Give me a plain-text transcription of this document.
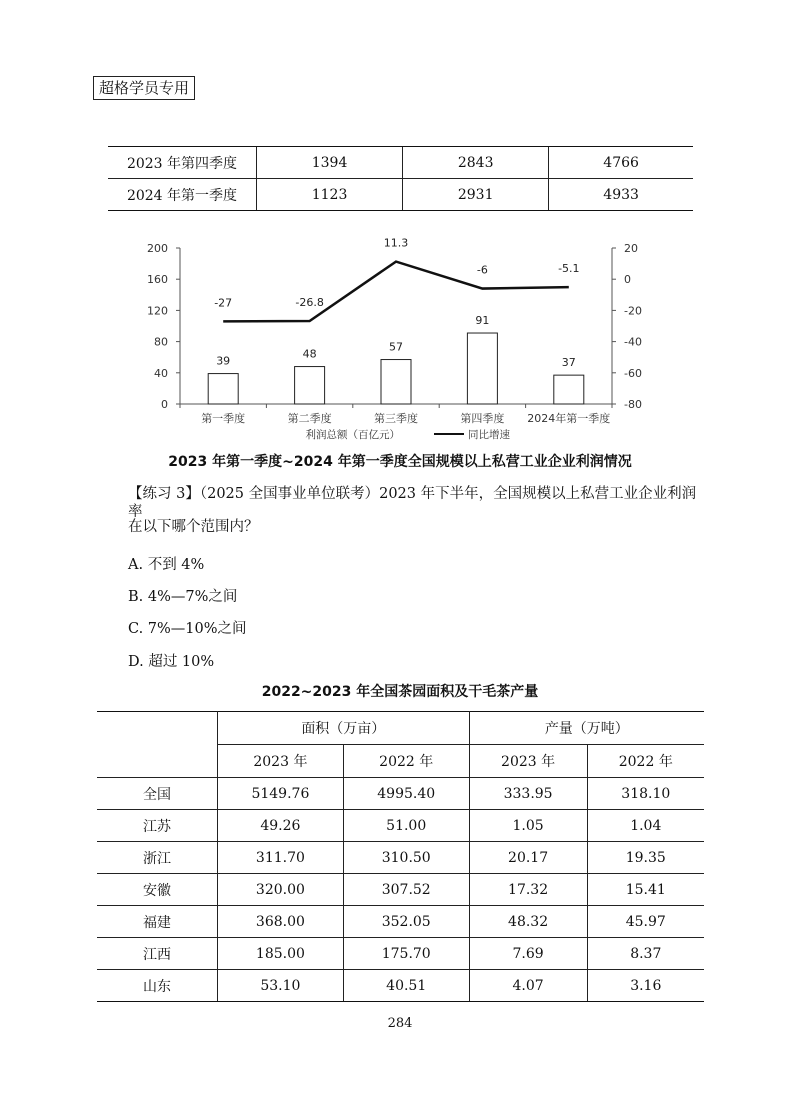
超格学员专用
2023 年第四季度	1394	2843	4766
2024 年第一季度	1123	2931	4933
0
40
80
120
160
200
-80
-60
-40
-20
0
20
第一季度	第二季度	第三季度	第四季度 2024年第一季度
39
48
57
91
37
-27	-26.8
11.3
-6	-5.1
利润总额（百亿元）	同比增速
2023 年第一季度~2024 年第一季度全国规模以上私营工业企业利润情况
【练习 3】（2025 全国事业单位联考）2023 年下半年，全国规模以上私营工业企业利润率
在以下哪个范围内？
A. 不到 4%
B. 4%—7%之间
C. 7%—10%之间
D. 超过 10%
2022~2023 年全国茶园面积及干毛茶产量
	面积（万亩）		产量（万吨）	
	2023 年	2022 年	2023 年	2022 年
全国	5149.76	4995.40	333.95	318.10
江苏	49.26	51.00	1.05	1.04
浙江	311.70	310.50	20.17	19.35
安徽	320.00	307.52	17.32	15.41
福建	368.00	352.05	48.32	45.97
江西	185.00	175.70	7.69	8.37
山东	53.10	40.51	4.07	3.16
284
